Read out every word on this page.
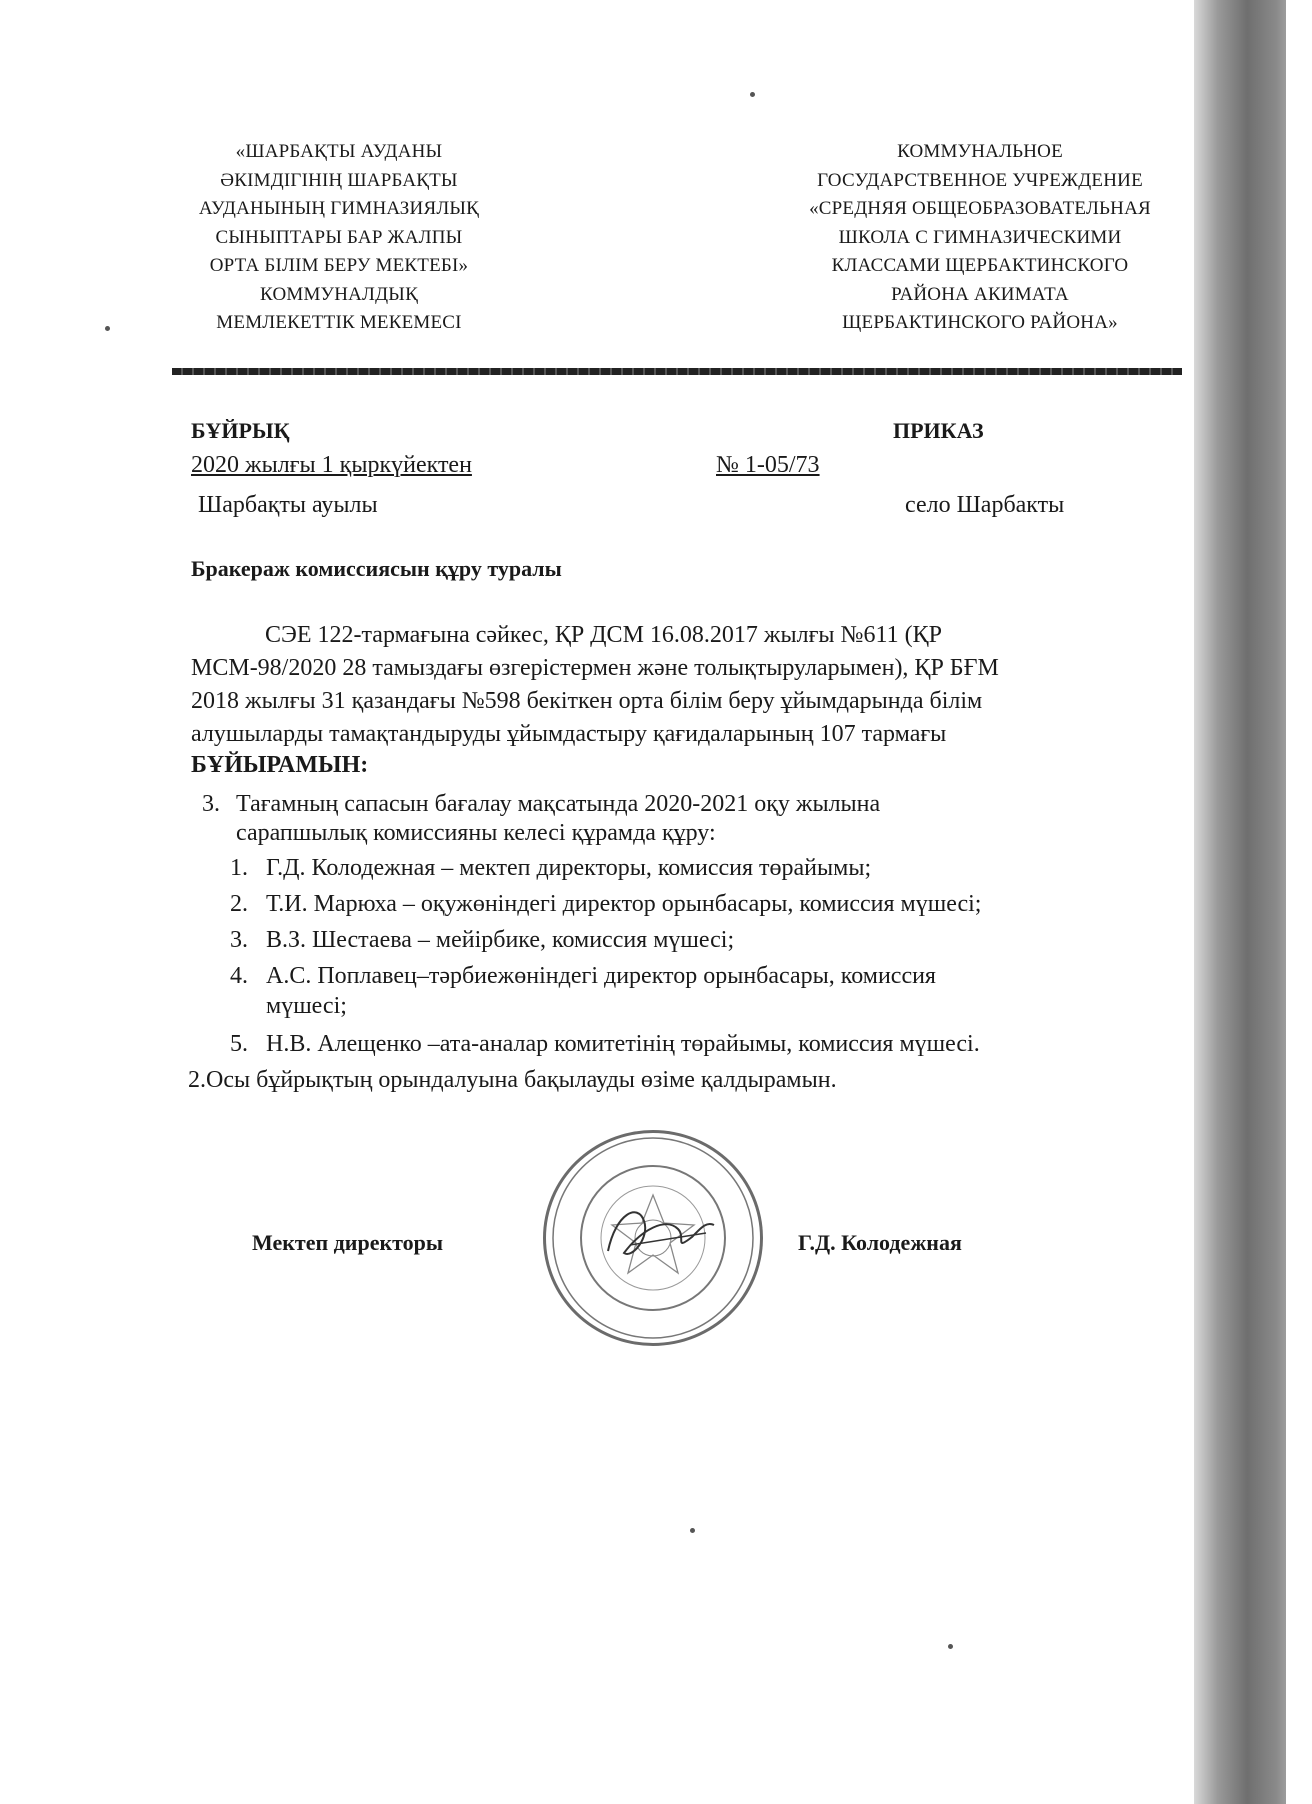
«ШАРБАҚТЫ АУДАНЫ
ӘКІМДІГІНІҢ ШАРБАҚТЫ
АУДАНЫНЫҢ ГИМНАЗИЯЛЫҚ
СЫНЫПТАРЫ БАР ЖАЛПЫ
ОРТА БІЛІМ БЕРУ МЕКТЕБІ»
КОММУНАЛДЫҚ
МЕМЛЕКЕТТІК МЕКЕМЕСІ
КОММУНАЛЬНОЕ
ГОСУДАРСТВЕННОЕ УЧРЕЖДЕНИЕ
«СРЕДНЯЯ ОБЩЕОБРАЗОВАТЕЛЬНАЯ
ШКОЛА С ГИМНАЗИЧЕСКИМИ
КЛАССАМИ ЩЕРБАКТИНСКОГО
РАЙОНА АКИМАТА
ЩЕРБАКТИНСКОГО РАЙОНА»
БҰЙРЫҚ	ПРИКАЗ
2020 жылғы 1 қыркүйектен	№ 1-05/73
Шарбақты ауылы	село Шарбакты
Бракераж комиссиясын құру туралы
СЭЕ 122-тармағына сәйкес, ҚР ДСМ 16.08.2017 жылғы №611 (ҚР
МСМ-98/2020 28 тамыздағы өзгерістермен және толықтыруларымен), ҚР БҒМ
2018 жылғы 31 қазандағы №598 бекіткен орта білім беру ұйымдарында білім
алушыларды тамақтандыруды ұйымдастыру қағидаларының 107 тармағы
БҰЙЫРАМЫН:
3. Тағамның сапасын бағалау мақсатында 2020-2021 оқу жылына
сарапшылық комиссияны келесі құрамда құру:
1. Г.Д. Колодежная – мектеп директоры, комиссия төрайымы;
2. Т.И. Марюха – оқужөніндегі директор орынбасары, комиссия мүшесі;
3. В.З. Шестаева – мейірбике, комиссия мүшесі;
4. А.С. Поплавец–тәрбиежөніндегі директор орынбасары, комиссия
мүшесі;
5. Н.В. Алещенко –ата-аналар комитетінің төрайымы, комиссия мүшесі.
2.Осы бұйрықтың орындалуына бақылауды өзіме қалдырамын.
Мектеп директоры	Г.Д. Колодежная
